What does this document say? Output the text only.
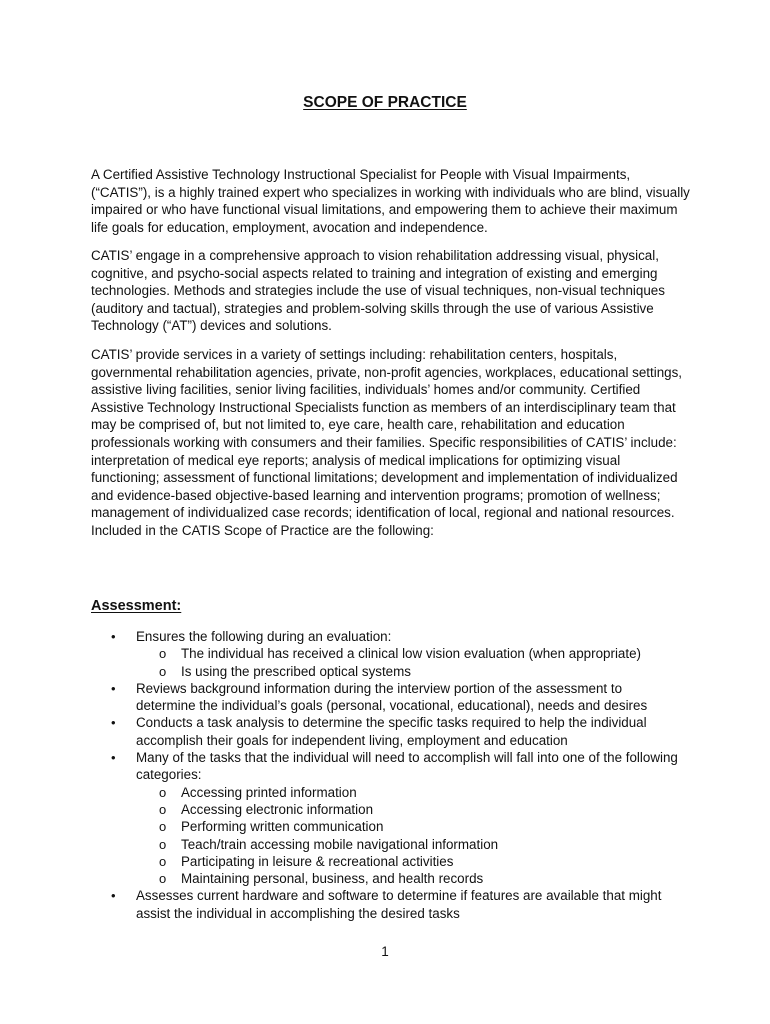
SCOPE OF PRACTICE

A Certified Assistive Technology Instructional Specialist for People with Visual Impairments, (“CATIS”), is a highly trained expert who specializes in working with individuals who are blind, visually impaired or who have functional visual limitations, and empowering them to achieve their maximum life goals for education, employment, avocation and independence.

CATIS’ engage in a comprehensive approach to vision rehabilitation addressing visual, physical, cognitive, and psycho-social aspects related to training and integration of existing and emerging technologies. Methods and strategies include the use of visual techniques, non-visual techniques (auditory and tactual), strategies and problem-solving skills through the use of various Assistive Technology (“AT”) devices and solutions.

CATIS’ provide services in a variety of settings including: rehabilitation centers, hospitals, governmental rehabilitation agencies, private, non-profit agencies, workplaces, educational settings, assistive living facilities, senior living facilities, individuals’ homes and/or community. Certified Assistive Technology Instructional Specialists function as members of an interdisciplinary team that may be comprised of, but not limited to, eye care, health care, rehabilitation and education professionals working with consumers and their families. Specific responsibilities of CATIS’ include: interpretation of medical eye reports; analysis of medical implications for optimizing visual functioning; assessment of functional limitations; development and implementation of individualized and evidence-based objective-based learning and intervention programs; promotion of wellness; management of individualized case records; identification of local, regional and national resources. Included in the CATIS Scope of Practice are the following:

Assessment:
• Ensures the following during an evaluation:
o The individual has received a clinical low vision evaluation (when appropriate)
o Is using the prescribed optical systems
• Reviews background information during the interview portion of the assessment to determine the individual’s goals (personal, vocational, educational), needs and desires
• Conducts a task analysis to determine the specific tasks required to help the individual accomplish their goals for independent living, employment and education
• Many of the tasks that the individual will need to accomplish will fall into one of the following categories:
o Accessing printed information
o Accessing electronic information
o Performing written communication
o Teach/train accessing mobile navigational information
o Participating in leisure & recreational activities
o Maintaining personal, business, and health records
• Assesses current hardware and software to determine if features are available that might assist the individual in accomplishing the desired tasks
1
